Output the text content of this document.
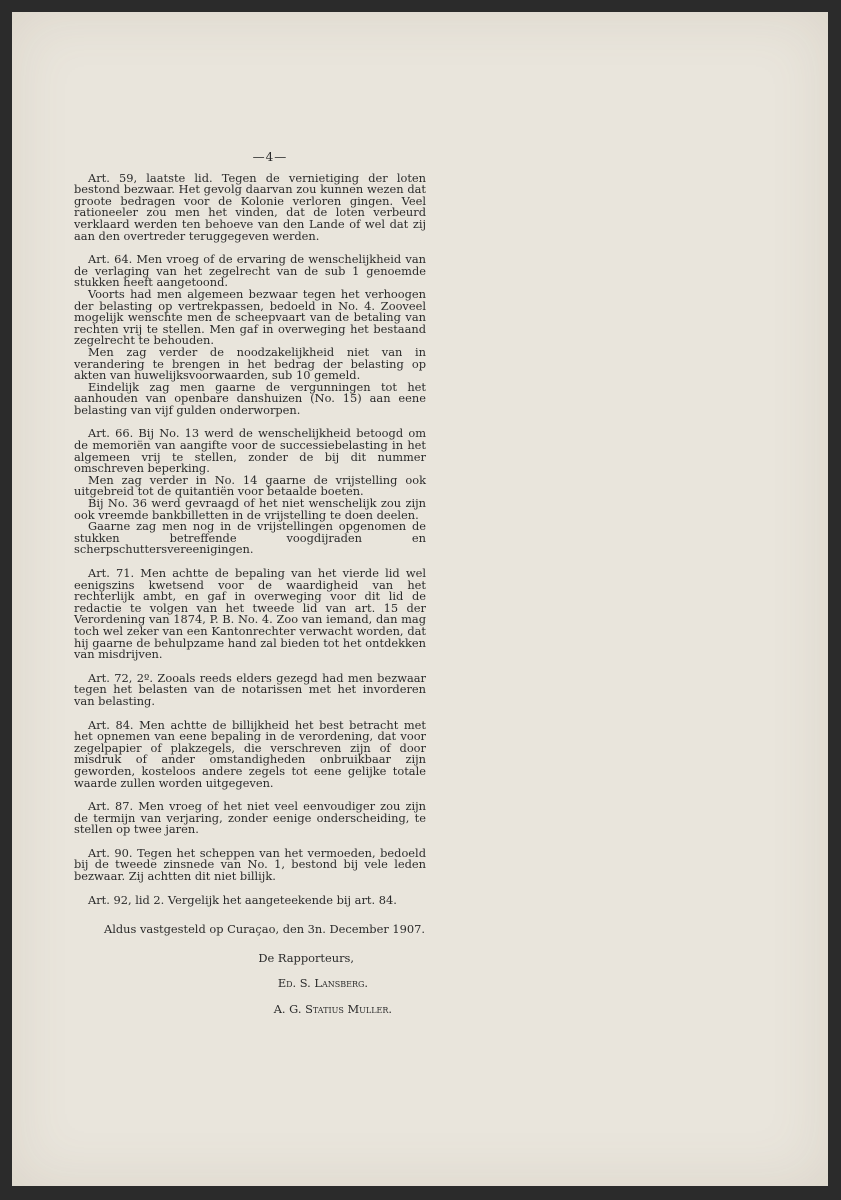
—4—

Art. 59, laatste lid. Tegen de vernietiging der loten bestond bezwaar. Het gevolg daarvan zou kunnen wezen dat groote bedragen voor de Kolonie verloren gingen. Veel rationeeler zou men het vinden, dat de loten verbeurd verklaard werden ten behoeve van den Lande of wel dat zij aan den overtreder teruggegeven werden.

Art. 64. Men vroeg of de ervaring de wenschelijkheid van de verlaging van het zegelrecht van de sub 1 genoemde stukken heeft aangetoond.

Voorts had men algemeen bezwaar tegen het verhoogen der belasting op vertrekpassen, bedoeld in No. 4. Zooveel mogelijk wenschte men de scheepvaart van de betaling van rechten vrij te stellen. Men gaf in overweging het bestaand zegelrecht te behouden.

Men zag verder de noodzakelijkheid niet van in verandering te brengen in het bedrag der belasting op akten van huwelijksvoorwaarden, sub 10 gemeld.

Eindelijk zag men gaarne de vergunningen tot het aanhouden van openbare danshuizen (No. 15) aan eene belasting van vijf gulden onderworpen.

Art. 66. Bij No. 13 werd de wenschelijkheid betoogd om de memoriën van aangifte voor de successiebelasting in het algemeen vrij te stellen, zonder de bij dit nummer omschreven beperking.

Men zag verder in No. 14 gaarne de vrijstelling ook uitgebreid tot de quitantiën voor betaalde boeten.

Bij No. 36 werd gevraagd of het niet wenschelijk zou zijn ook vreemde bankbilletten in de vrijstelling te doen deelen.

Gaarne zag men nog in de vrijstellingen opgenomen de stukken betreffende voogdijraden en scherpschuttersvereenigingen.

Art. 71. Men achtte de bepaling van het vierde lid wel eenigszins kwetsend voor de waardigheid van het rechterlijk ambt, en gaf in overweging voor dit lid de redactie te volgen van het tweede lid van art. 15 der Verordening van 1874, P. B. No. 4. Zoo van iemand, dan mag toch wel zeker van een Kantonrechter verwacht worden, dat hij gaarne de behulpzame hand zal bieden tot het ontdekken van misdrijven.

Art. 72, 2º. Zooals reeds elders gezegd had men bezwaar tegen het belasten van de notarissen met het invorderen van belasting.

Art. 84. Men achtte de billijkheid het best betracht met het opnemen van eene bepaling in de verordening, dat voor zegelpapier of plakzegels, die verschreven zijn of door misdruk of ander omstandigheden onbruikbaar zijn geworden, kosteloos andere zegels tot eene gelijke totale waarde zullen worden uitgegeven.

Art. 87. Men vroeg of het niet veel eenvoudiger zou zijn de termijn van verjaring, zonder eenige onderscheiding, te stellen op twee jaren.

Art. 90. Tegen het scheppen van het vermoeden, bedoeld bij de tweede zinsnede van No. 1, bestond bij vele leden bezwaar. Zij achtten dit niet billijk.

Art. 92, lid 2. Vergelijk het aangeteekende bij art. 84.

Aldus vastgesteld op Curaçao, den 3n. December 1907.

De Rapporteurs,
Ed. S. Lansberg.
A. G. Statius Muller.
